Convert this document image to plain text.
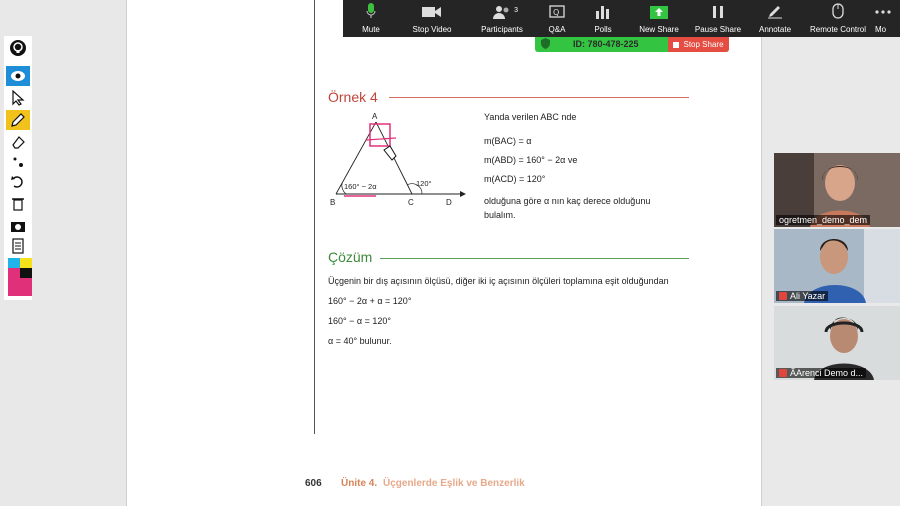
Mute	Stop Video
3
Participants
Q
Q&A	Polls	New Share Pause Share Annotate Remote Control Mo
ID: 780-478-225	Stop Share
Örnek 4
A
B	C	D
160° − 2α	120°
Yanda verilen ABC nde
m(BAC) = α
m(ABD) = 160° − 2α ve
m(ACD) = 120°
olduğuna göre α nın kaç derece olduğunu
bulalım.
Çözüm
Üçgenin bir dış açısının ölçüsü, diğer iki iç açısının ölçüleri toplamına eşit olduğundan
160° − 2α + α = 120°
160° − α = 120°
α = 40° bulunur.
606 Ünite 4. Üçgenlerde Eşlik ve Benzerlik
ogretmen_demo_dem
Ali Yazar
ÃArenci Demo d...
